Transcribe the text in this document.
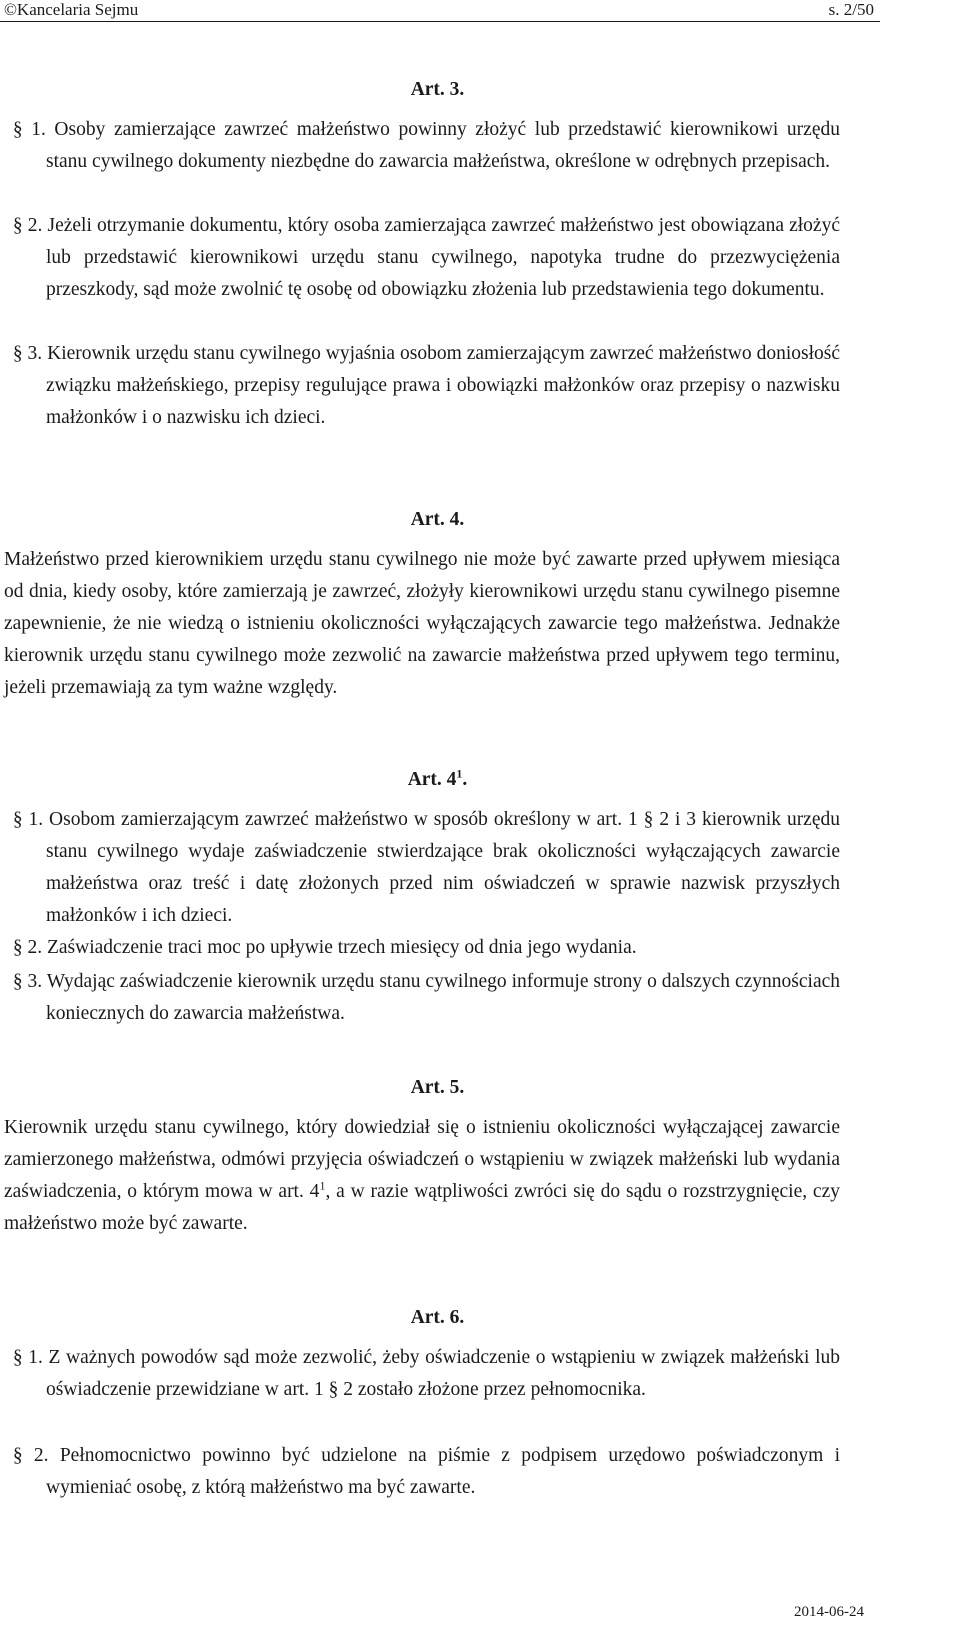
©Kancelaria Sejmu	s. 2/50
Art. 3.

§ 1. Osoby zamierzające zawrzeć małżeństwo powinny złożyć lub przedstawić kierownikowi urzędu stanu cywilnego dokumenty niezbędne do zawarcia małżeństwa, określone w odrębnych przepisach.

§ 2. Jeżeli otrzymanie dokumentu, który osoba zamierzająca zawrzeć małżeństwo jest obowiązana złożyć lub przedstawić kierownikowi urzędu stanu cywilnego, napotyka trudne do przezwyciężenia przeszkody, sąd może zwolnić tę osobę od obowiązku złożenia lub przedstawienia tego dokumentu.

§ 3. Kierownik urzędu stanu cywilnego wyjaśnia osobom zamierzającym zawrzeć małżeństwo doniosłość związku małżeńskiego, przepisy regulujące prawa i obowiązki małżonków oraz przepisy o nazwisku małżonków i o nazwisku ich dzieci.

Art. 4.

Małżeństwo przed kierownikiem urzędu stanu cywilnego nie może być zawarte przed upływem miesiąca od dnia, kiedy osoby, które zamierzają je zawrzeć, złożyły kierownikowi urzędu stanu cywilnego pisemne zapewnienie, że nie wiedzą o istnieniu okoliczności wyłączających zawarcie tego małżeństwa. Jednakże kierownik urzędu stanu cywilnego może zezwolić na zawarcie małżeństwa przed upływem tego terminu, jeżeli przemawiają za tym ważne względy.

Art. $4^1$.

§ 1. Osobom zamierzającym zawrzeć małżeństwo w sposób określony w art. 1 § 2 i 3 kierownik urzędu stanu cywilnego wydaje zaświadczenie stwierdzające brak okoliczności wyłączających zawarcie małżeństwa oraz treść i datę złożonych przed nim oświadczeń w sprawie nazwisk przyszłych małżonków i ich dzieci.

§ 2. Zaświadczenie traci moc po upływie trzech miesięcy od dnia jego wydania.

§ 3. Wydając zaświadczenie kierownik urzędu stanu cywilnego informuje strony o dalszych czynnościach koniecznych do zawarcia małżeństwa.

Art. 5.

Kierownik urzędu stanu cywilnego, który dowiedział się o istnieniu okoliczności wyłączającej zawarcie zamierzonego małżeństwa, odmówi przyjęcia oświadczeń o wstąpieniu w związek małżeński lub wydania zaświadczenia, o którym mowa w art. $4^1$, a w razie wątpliwości zwróci się do sądu o rozstrzygnięcie, czy małżeństwo może być zawarte.

Art. 6.

§ 1. Z ważnych powodów sąd może zezwolić, żeby oświadczenie o wstąpieniu w związek małżeński lub oświadczenie przewidziane w art. 1 § 2 zostało złożone przez pełnomocnika.

§ 2. Pełnomocnictwo powinno być udzielone na piśmie z podpisem urzędowo poświadczonym i wymieniać osobę, z którą małżeństwo ma być zawarte.

2014-06-24
